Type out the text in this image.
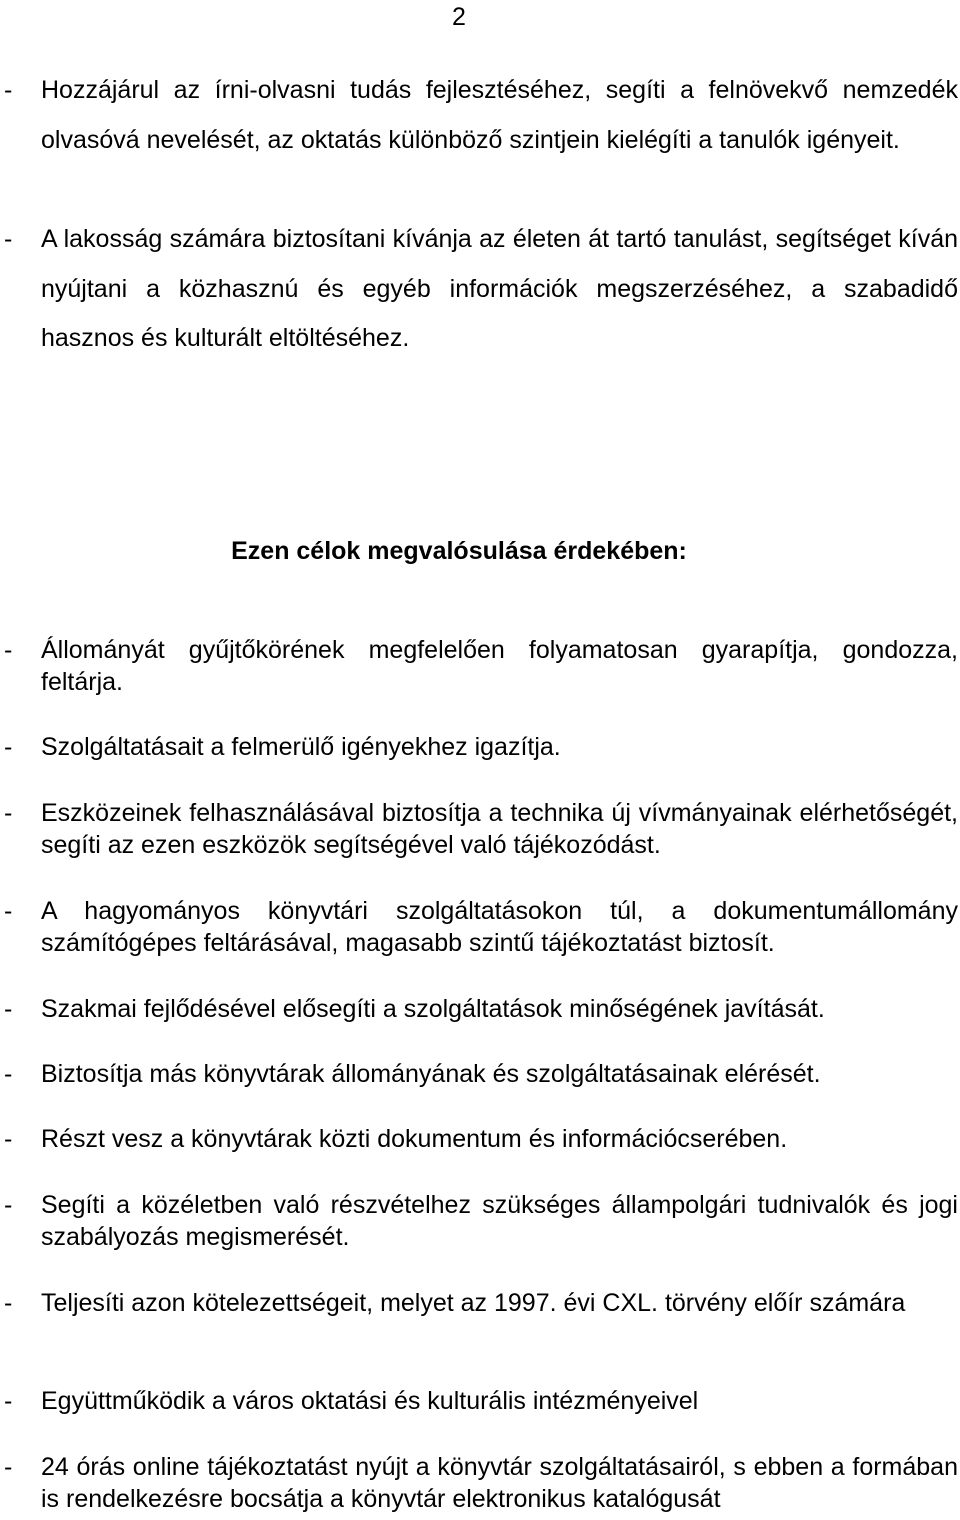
2
- Hozzájárul az írni-olvasni tudás fejlesztéséhez, segíti a felnövekvő nemzedék olvasóvá nevelését, az oktatás különböző szintjein kielégíti a tanulók igényeit.
- A lakosság számára biztosítani kívánja az életen át tartó tanulást, segítséget kíván nyújtani a közhasznú és egyéb információk megszerzéséhez, a szabadidő hasznos és kulturált eltöltéséhez.
Ezen célok megvalósulása érdekében:
- Állományát gyűjtőkörének megfelelően folyamatosan gyarapítja, gondozza, feltárja.
- Szolgáltatásait a felmerülő igényekhez igazítja.
- Eszközeinek felhasználásával biztosítja a technika új vívmányainak elérhetőségét, segíti az ezen eszközök segítségével való tájékozódást.
- A hagyományos könyvtári szolgáltatásokon túl, a dokumentumállomány számítógépes feltárásával, magasabb szintű tájékoztatást biztosít.
- Szakmai fejlődésével elősegíti a szolgáltatások minőségének javítását.
- Biztosítja más könyvtárak állományának és szolgáltatásainak elérését.
- Részt vesz a könyvtárak közti dokumentum és információcserében.
- Segíti a közéletben való részvételhez szükséges állampolgári tudnivalók és jogi szabályozás megismerését.
- Teljesíti azon kötelezettségeit, melyet az 1997. évi CXL. törvény előír számára
- Együttműködik a város oktatási és kulturális intézményeivel
- 24 órás online tájékoztatást nyújt a könyvtár szolgáltatásairól, s ebben a formában is rendelkezésre bocsátja a könyvtár elektronikus katalógusát
